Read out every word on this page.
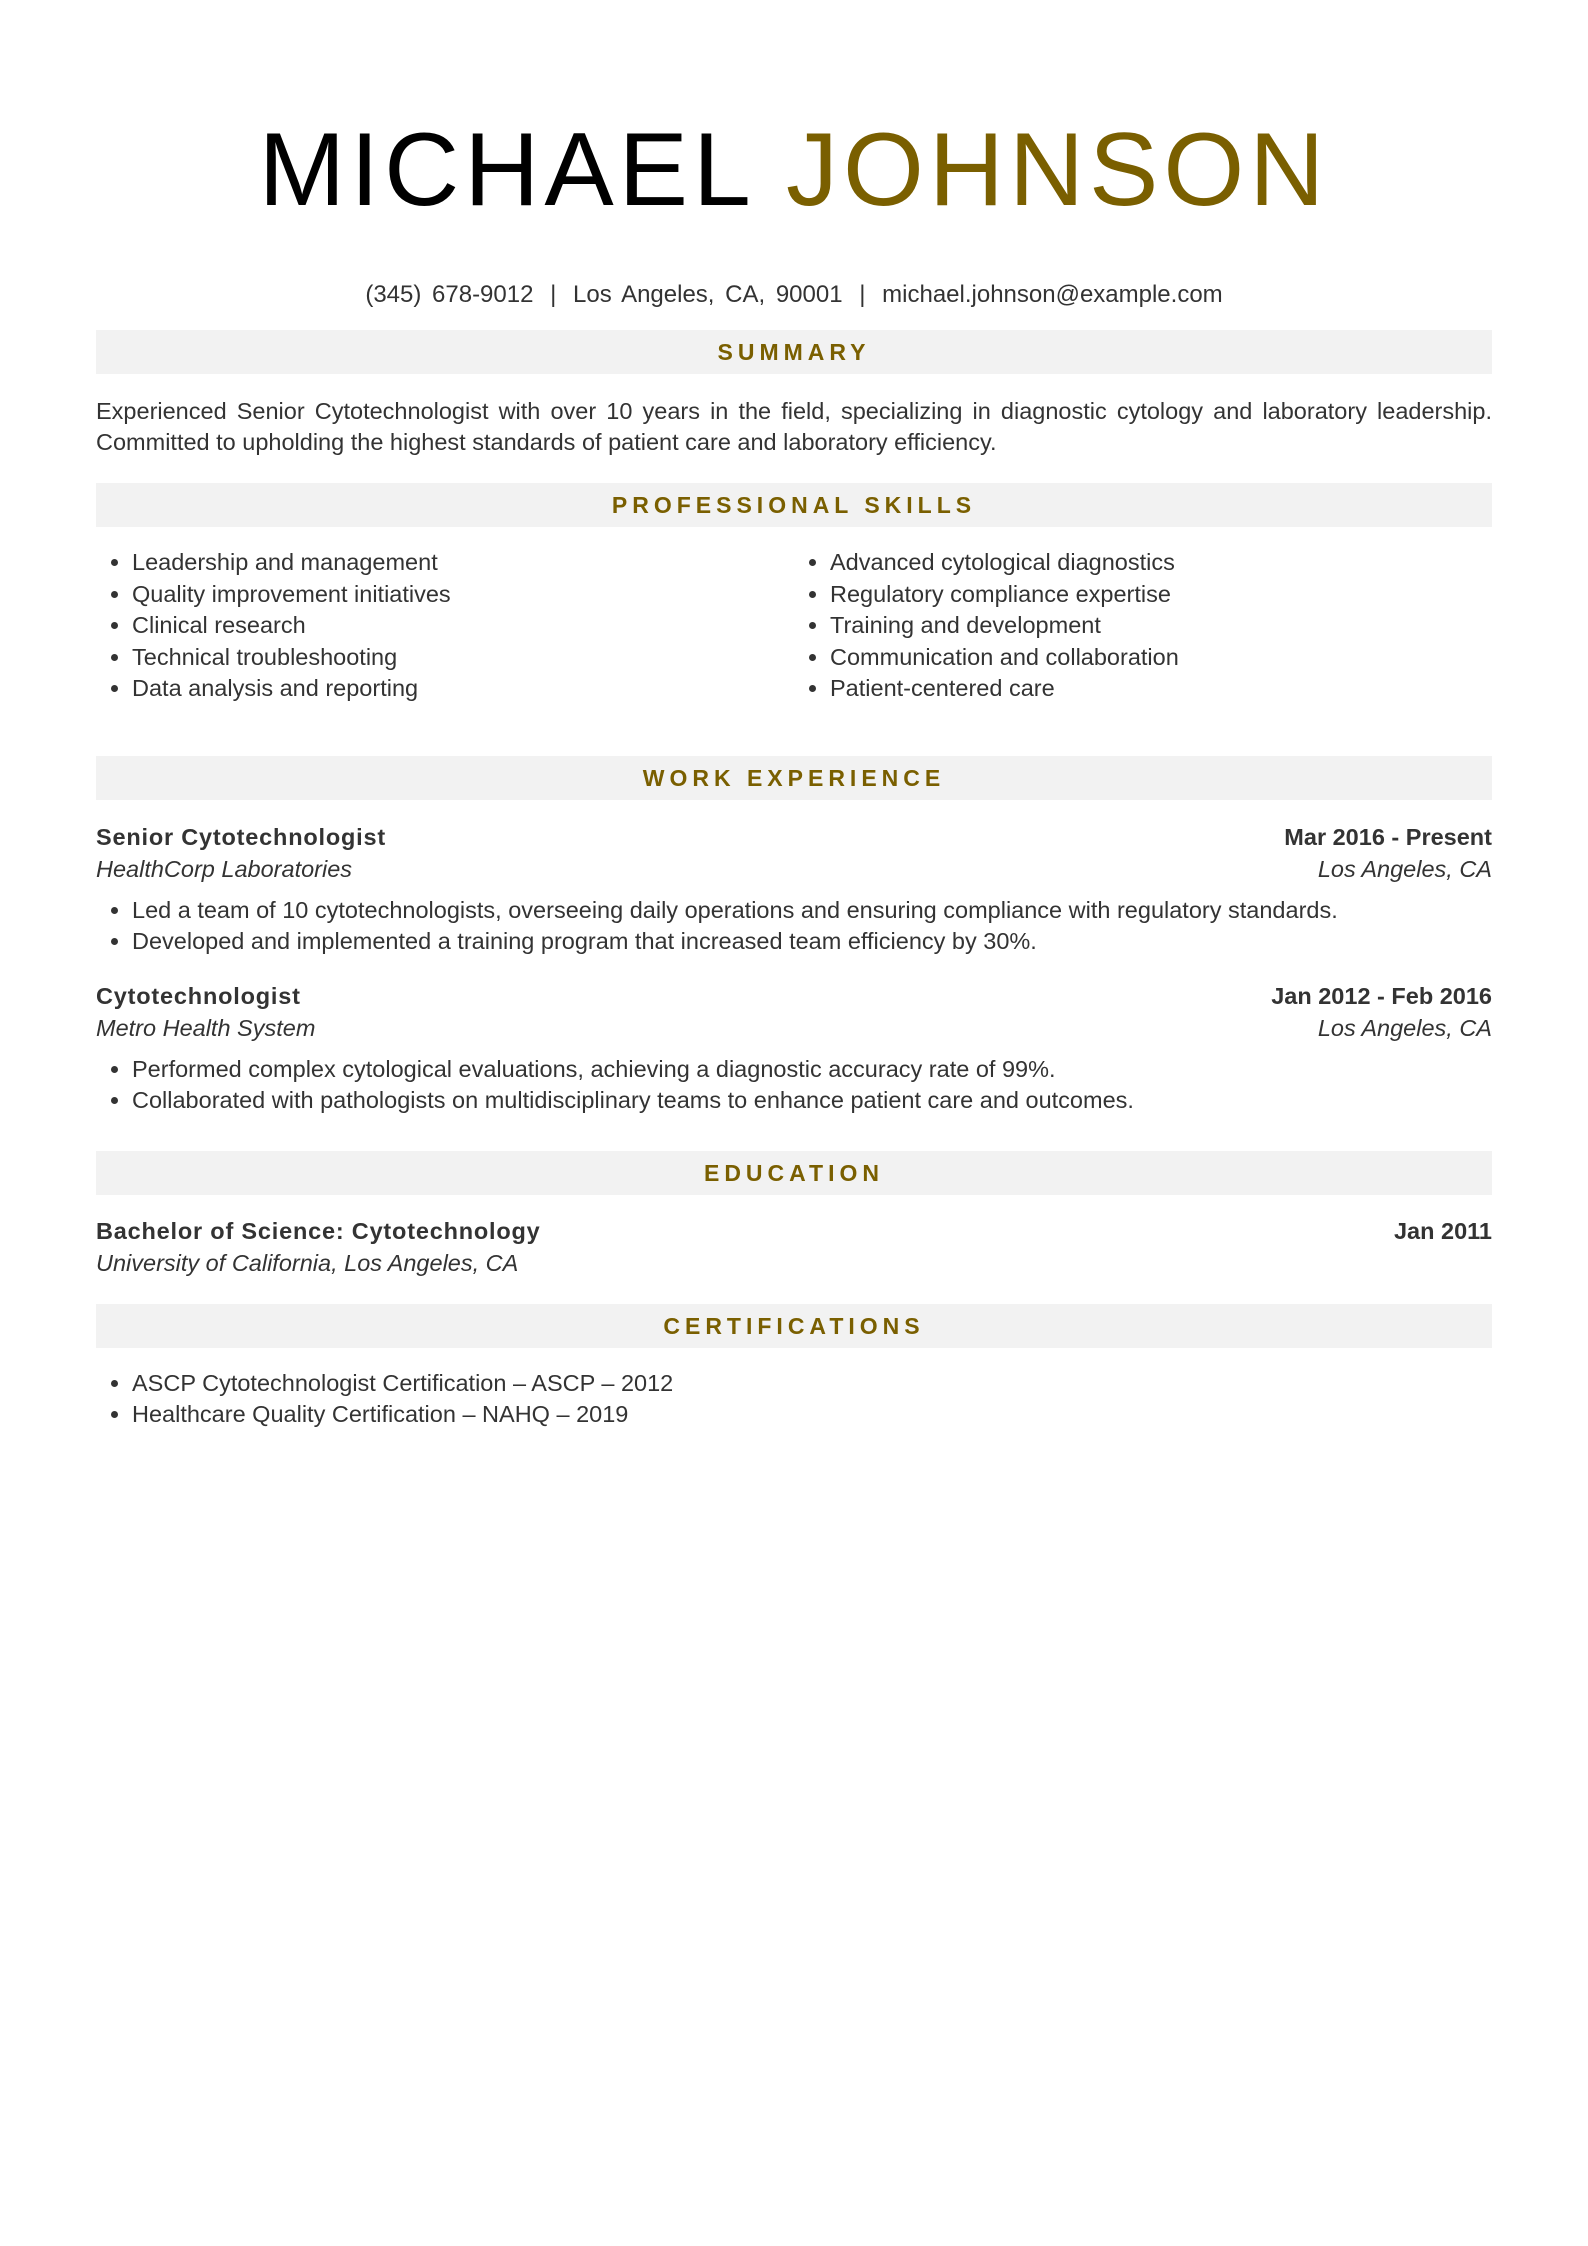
MICHAEL JOHNSON
(345) 678-9012 | Los Angeles, CA, 90001 | michael.johnson@example.com
SUMMARY
Experienced Senior Cytotechnologist with over 10 years in the field, specializing in diagnostic cytology and laboratory leadership. Committed to upholding the highest standards of patient care and laboratory efficiency.
PROFESSIONAL SKILLS
• Leadership and management
• Quality improvement initiatives
• Clinical research
• Technical troubleshooting
• Data analysis and reporting
• Advanced cytological diagnostics
• Regulatory compliance expertise
• Training and development
• Communication and collaboration
• Patient-centered care
WORK EXPERIENCE
Senior Cytotechnologist	Mar 2016 - Present
HealthCorp Laboratories	Los Angeles, CA
• Led a team of 10 cytotechnologists, overseeing daily operations and ensuring compliance with regulatory standards.
• Developed and implemented a training program that increased team efficiency by 30%.
Cytotechnologist	Jan 2012 - Feb 2016
Metro Health System	Los Angeles, CA
• Performed complex cytological evaluations, achieving a diagnostic accuracy rate of 99%.
• Collaborated with pathologists on multidisciplinary teams to enhance patient care and outcomes.
EDUCATION
Bachelor of Science: Cytotechnology	Jan 2011
University of California, Los Angeles, CA
CERTIFICATIONS
• ASCP Cytotechnologist Certification – ASCP – 2012
• Healthcare Quality Certification – NAHQ – 2019
